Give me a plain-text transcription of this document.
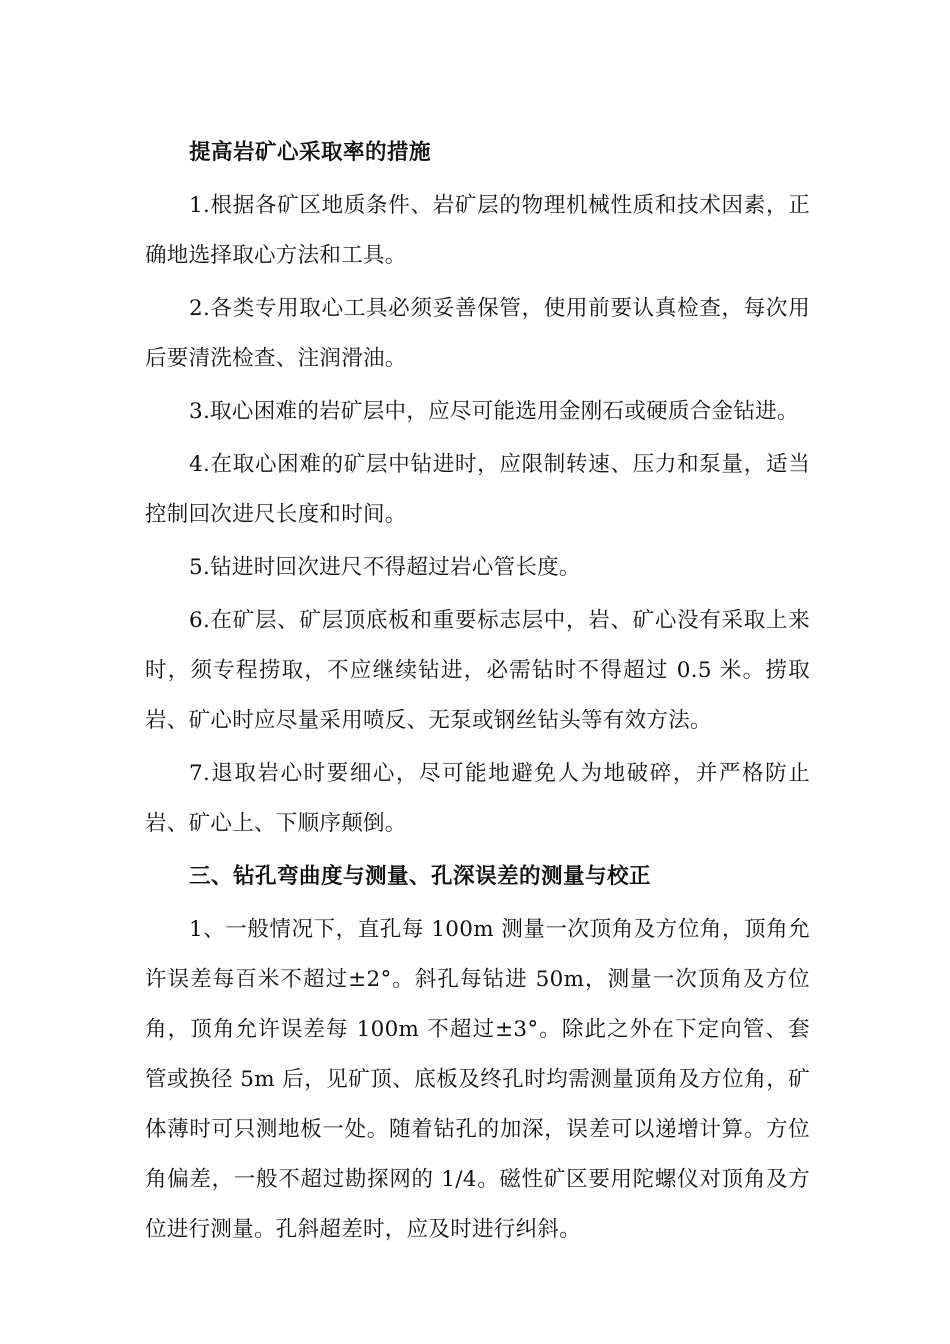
提高岩矿心采取率的措施

1.根据各矿区地质条件、岩矿层的物理机械性质和技术因素，正确地选择取心方法和工具。

2.各类专用取心工具必须妥善保管，使用前要认真检查，每次用后要清洗检查、注润滑油。

3.取心困难的岩矿层中，应尽可能选用金刚石或硬质合金钻进。

4.在取心困难的矿层中钻进时，应限制转速、压力和泵量，适当控制回次进尺长度和时间。

5.钻进时回次进尺不得超过岩心管长度。

6.在矿层、矿层顶底板和重要标志层中，岩、矿心没有采取上来时，须专程捞取，不应继续钻进，必需钻时不得超过 0.5 米。捞取岩、矿心时应尽量采用喷反、无泵或钢丝钻头等有效方法。

7.退取岩心时要细心，尽可能地避免人为地破碎，并严格防止岩、矿心上、下顺序颠倒。

三、钻孔弯曲度与测量、孔深误差的测量与校正

1、一般情况下，直孔每 100m 测量一次顶角及方位角，顶角允许误差每百米不超过±2°。斜孔每钻进 50m，测量一次顶角及方位角，顶角允许误差每 100m 不超过±3°。除此之外在下定向管、套管或换径 5m 后，见矿顶、底板及终孔时均需测量顶角及方位角，矿体薄时可只测地板一处。随着钻孔的加深，误差可以递增计算。方位角偏差，一般不超过勘探网的 1/4。磁性矿区要用陀螺仪对顶角及方位进行测量。孔斜超差时，应及时进行纠斜。
